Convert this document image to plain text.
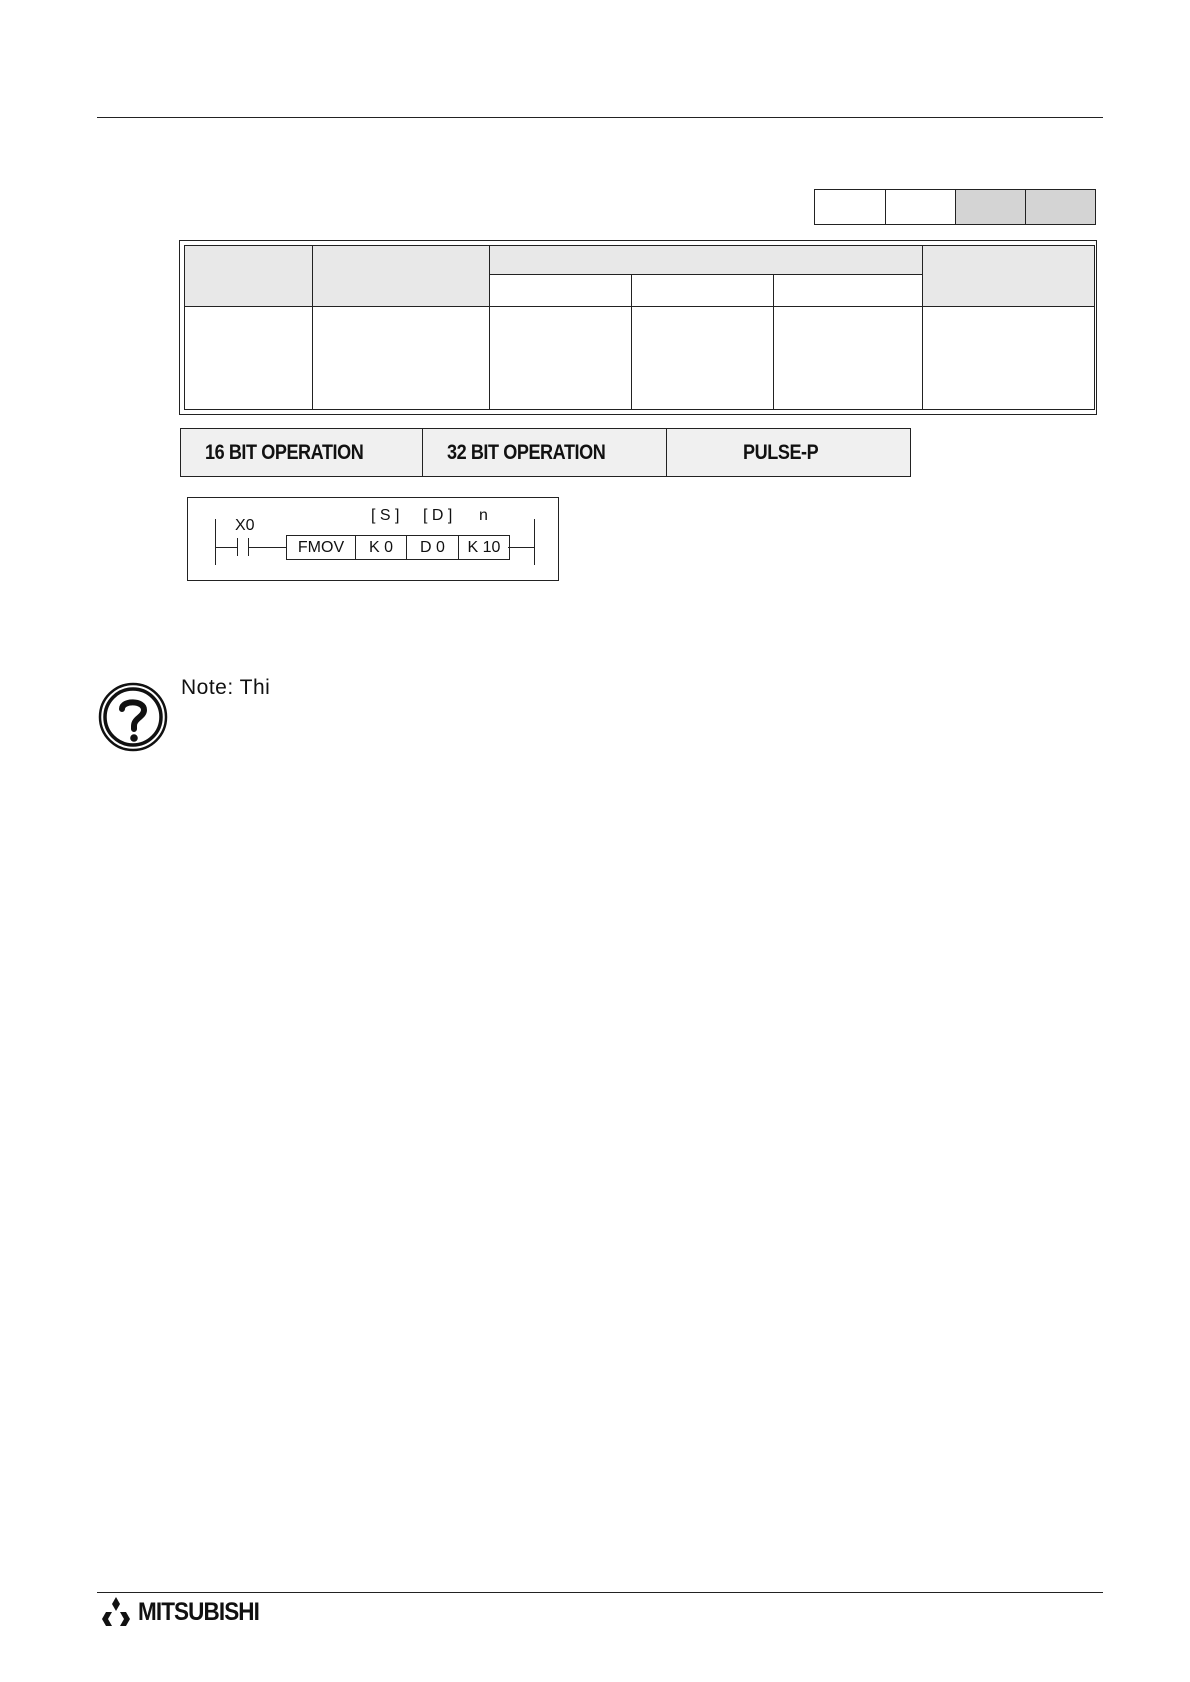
16 BIT OPERATION	32 BIT OPERATION	PULSE-P
[ S ] [ D ] n
X0
FMOV	K 0	D 0	K 10
Note: Thi
MITSUBISHI
